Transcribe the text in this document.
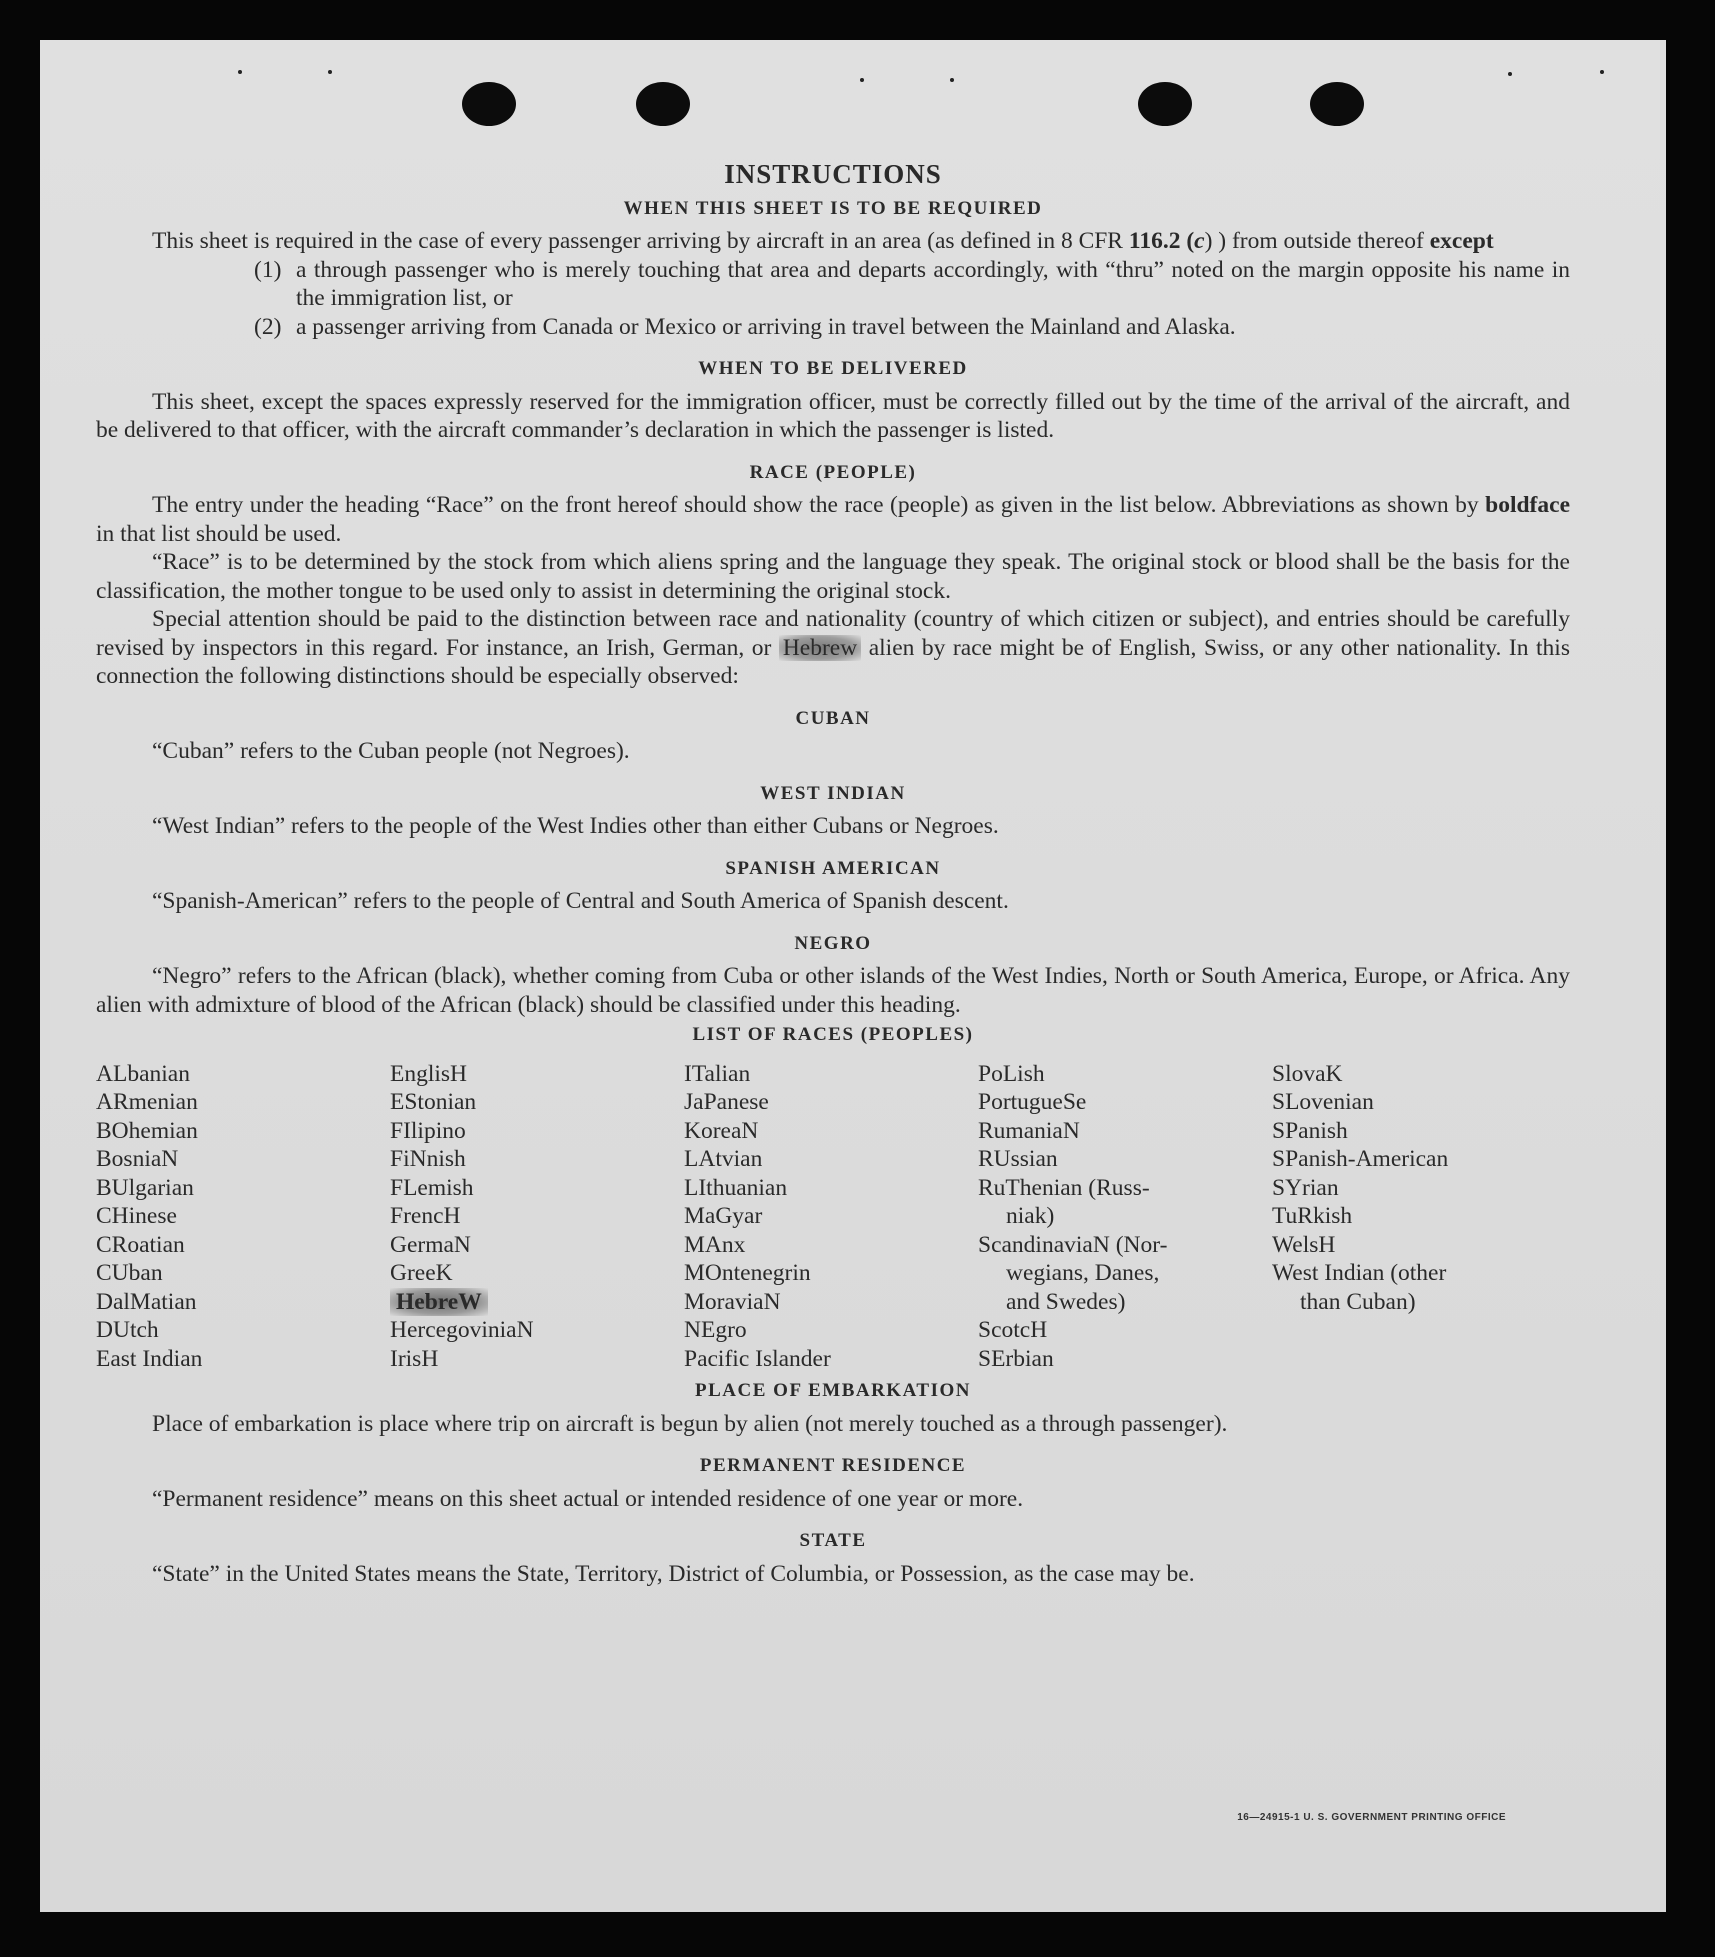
INSTRUCTIONS
WHEN THIS SHEET IS TO BE REQUIRED

This sheet is required in the case of every passenger arriving by aircraft in an area (as defined in 8 CFR 116.2 (c) ) from outside thereof except

(1) a through passenger who is merely touching that area and departs accordingly, with “thru” noted on the margin opposite his name in the immigration list, or
(2) a passenger arriving from Canada or Mexico or arriving in travel between the Mainland and Alaska.
WHEN TO BE DELIVERED

This sheet, except the spaces expressly reserved for the immigration officer, must be correctly filled out by the time of the arrival of the aircraft, and be delivered to that officer, with the aircraft commander’s declaration in which the passenger is listed.

RACE (PEOPLE)

The entry under the heading “Race” on the front hereof should show the race (people) as given in the list below. Abbreviations as shown by boldface in that list should be used.

“Race” is to be determined by the stock from which aliens spring and the language they speak. The original stock or blood shall be the basis for the classification, the mother tongue to be used only to assist in determining the original stock.

Special attention should be paid to the distinction between race and nationality (country of which citizen or subject), and entries should be carefully revised by inspectors in this regard. For instance, an Irish, German, or Hebrew alien by race might be of English, Swiss, or any other nationality. In this connection the following distinctions should be especially observed:

CUBAN

“Cuban” refers to the Cuban people (not Negroes).

WEST INDIAN

“West Indian” refers to the people of the West Indies other than either Cubans or Negroes.

SPANISH AMERICAN

“Spanish-American” refers to the people of Central and South America of Spanish descent.

NEGRO

“Negro” refers to the African (black), whether coming from Cuba or other islands of the West Indies, North or South America, Europe, or Africa. Any alien with admixture of blood of the African (black) should be classified under this heading.

LIST OF RACES (PEOPLES)
ALbanian
ARmenian
BOhemian
BosniaN
BUlgarian
CHinese
CRoatian
CUban
DalMatian
DUtch
East Indian
EnglisH
EStonian
FIlipino
FiNnish
FLemish
FrencH
GermaN
GreeK
HebreW
HercegoviniaN
IrisH
ITalian
JaPanese
KoreaN
LAtvian
LIthuanian
MaGyar
MAnx
MOntenegrin
MoraviaN
NEgro
Pacific Islander
PoLish
PortugueSe
RumaniaN
RUssian
RuThenian (Russ-
niak)
ScandinaviaN (Nor-
wegians, Danes,
and Swedes)
ScotcH
SErbian
SlovaK
SLovenian
SPanish
SPanish-American
SYrian
TuRkish
WelsH
West Indian (other
than Cuban)
PLACE OF EMBARKATION

Place of embarkation is place where trip on aircraft is begun by alien (not merely touched as a through passenger).

PERMANENT RESIDENCE

“Permanent residence” means on this sheet actual or intended residence of one year or more.

STATE

“State” in the United States means the State, Territory, District of Columbia, or Possession, as the case may be.

16—24915-1 U. S. GOVERNMENT PRINTING OFFICE
